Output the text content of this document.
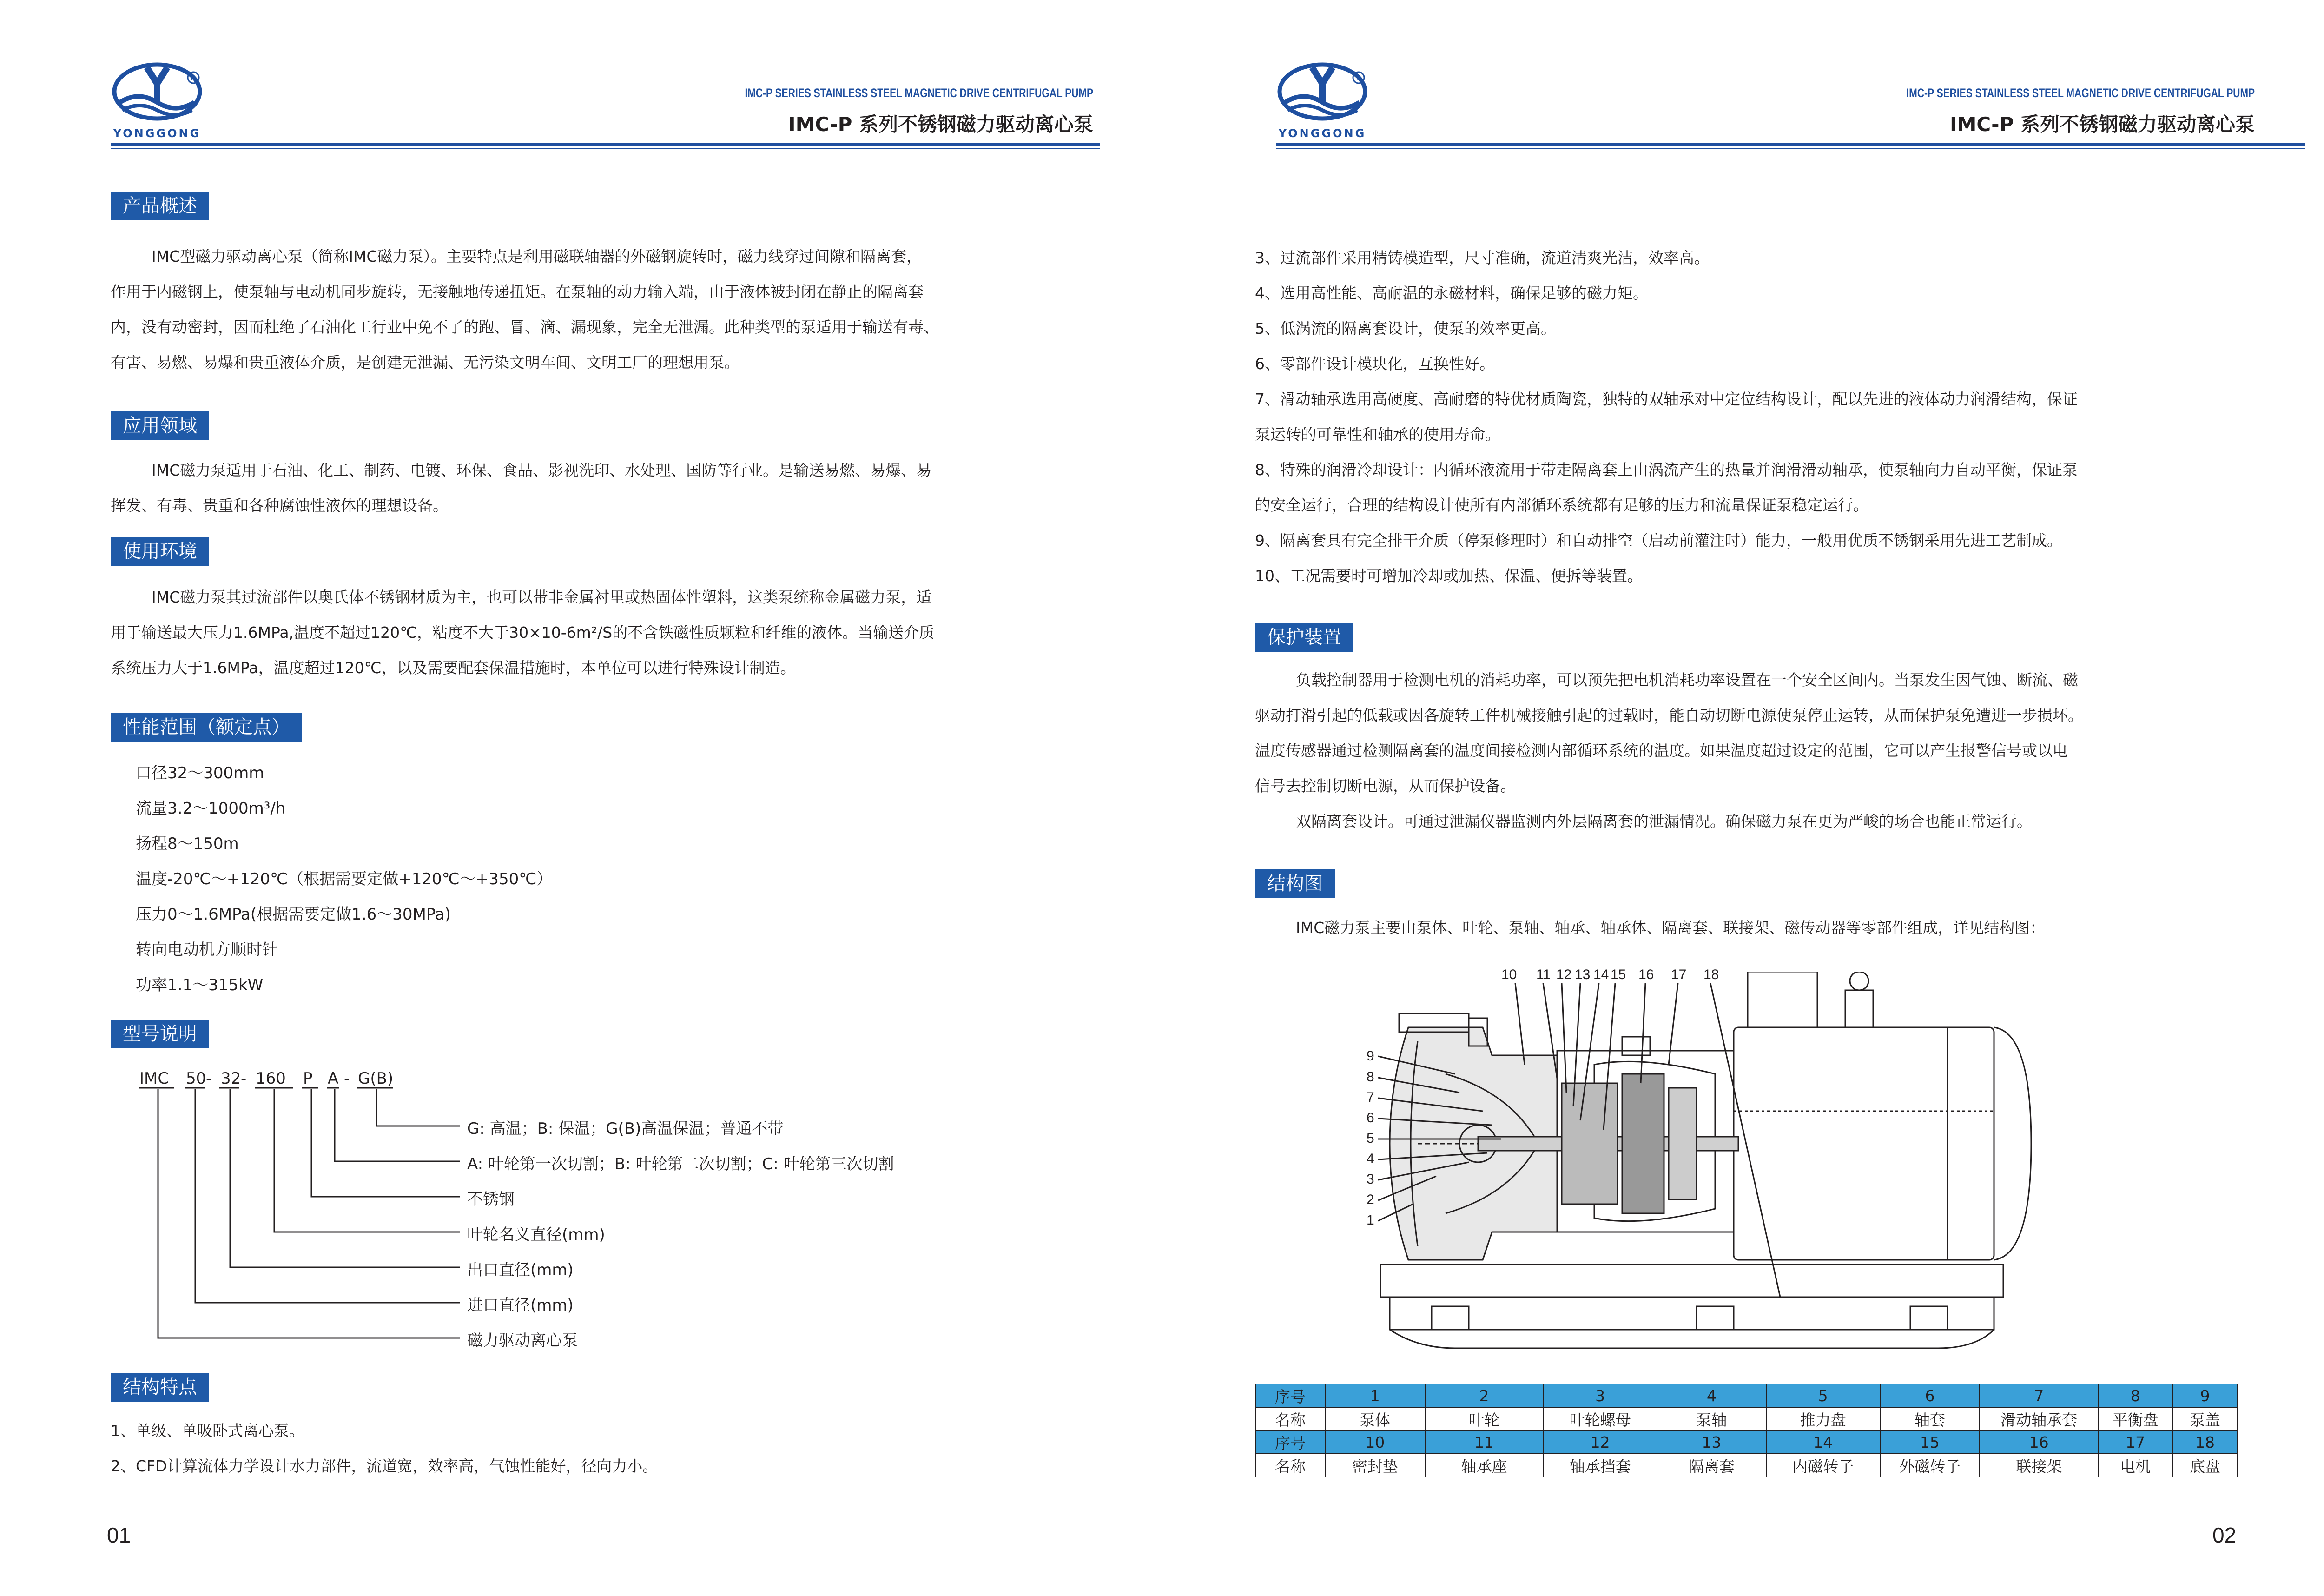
R
YONGGONG
IMC-P SERIES STAINLESS STEEL MAGNETIC DRIVE CENTRIFUGAL PUMP
IMC-P 系列不锈钢磁力驱动离心泵
产品概述
IMC型磁力驱动离心泵（简称IMC磁力泵）。主要特点是利用磁联轴器的外磁钢旋转时，磁力线穿过间隙和隔离套，
作用于内磁钢上，使泵轴与电动机同步旋转，无接触地传递扭矩。在泵轴的动力输入端，由于液体被封闭在静止的隔离套
内，没有动密封，因而杜绝了石油化工行业中免不了的跑、冒、滴、漏现象，完全无泄漏。此种类型的泵适用于输送有毒、
有害、易燃、易爆和贵重液体介质，是创建无泄漏、无污染文明车间、文明工厂的理想用泵。
应用领域
IMC磁力泵适用于石油、化工、制药、电镀、环保、食品、影视洗印、水处理、国防等行业。是输送易燃、易爆、易
挥发、有毒、贵重和各种腐蚀性液体的理想设备。
使用环境
IMC磁力泵其过流部件以奥氏体不锈钢材质为主，也可以带非金属衬里或热固体性塑料，这类泵统称金属磁力泵，适
用于输送最大压力1.6MPa,温度不超过120℃，粘度不大于30×10-6m²/S的不含铁磁性质颗粒和纤维的液体。当输送介质
系统压力大于1.6MPa，温度超过120℃，以及需要配套保温措施时，本单位可以进行特殊设计制造。
性能范围（额定点）
口径32～300mm
流量3.2～1000m³/h
扬程8～150m
温度-20℃～+120℃（根据需要定做+120℃～+350℃）
压力0～1.6MPa(根据需要定做1.6～30MPa)
转向电动机方顺时针
功率1.1～315kW
型号说明
IMC 50 - 32 - 160 P A - G(B)
G: 高温；B: 保温；G(B)高温保温；普通不带
A: 叶轮第一次切割；B: 叶轮第二次切割；C: 叶轮第三次切割
不锈钢
叶轮名义直径(mm)
出口直径(mm)
进口直径(mm)
磁力驱动离心泵
结构特点
1、单级、单吸卧式离心泵。
2、CFD计算流体力学设计水力部件，流道宽，效率高，气蚀性能好，径向力小。
01
R
YONGGONG
IMC-P SERIES STAINLESS STEEL MAGNETIC DRIVE CENTRIFUGAL PUMP
IMC-P 系列不锈钢磁力驱动离心泵
3、过流部件采用精铸模造型，尺寸准确，流道清爽光洁，效率高。
4、选用高性能、高耐温的永磁材料，确保足够的磁力矩。
5、低涡流的隔离套设计，使泵的效率更高。
6、零部件设计模块化，互换性好。
7、滑动轴承选用高硬度、高耐磨的特优材质陶瓷，独特的双轴承对中定位结构设计，配以先进的液体动力润滑结构，保证
泵运转的可靠性和轴承的使用寿命。
8、特殊的润滑冷却设计：内循环液流用于带走隔离套上由涡流产生的热量并润滑滑动轴承，使泵轴向力自动平衡，保证泵
的安全运行，合理的结构设计使所有内部循环系统都有足够的压力和流量保证泵稳定运行。
9、隔离套具有完全排干介质（停泵修理时）和自动排空（启动前灌注时）能力，一般用优质不锈钢采用先进工艺制成。
10、工况需要时可增加冷却或加热、保温、便拆等装置。
保护装置
负载控制器用于检测电机的消耗功率，可以预先把电机消耗功率设置在一个安全区间内。当泵发生因气蚀、断流、磁
驱动打滑引起的低载或因各旋转工件机械接触引起的过载时，能自动切断电源使泵停止运转，从而保护泵免遭进一步损坏。
温度传感器通过检测隔离套的温度间接检测内部循环系统的温度。如果温度超过设定的范围，它可以产生报警信号或以电
信号去控制切断电源，从而保护设备。
双隔离套设计。可通过泄漏仪器监测内外层隔离套的泄漏情况。确保磁力泵在更为严峻的场合也能正常运行。
结构图
IMC磁力泵主要由泵体、叶轮、泵轴、轴承、轴承体、隔离套、联接架、磁传动器等零部件组成，详见结构图：
02
10 11 12 13 14 15 16 17 18
9
8
7
6
5
4
3
2
1
序号	1	2	3	4	5	6	7	8	9
名称	泵体	叶轮	叶轮螺母	泵轴	推力盘	轴套	滑动轴承套	平衡盘	泵盖
序号	10	11	12	13	14	15	16	17	18
名称	密封垫	轴承座	轴承挡套	隔离套	内磁转子	外磁转子	联接架	电机	底盘
